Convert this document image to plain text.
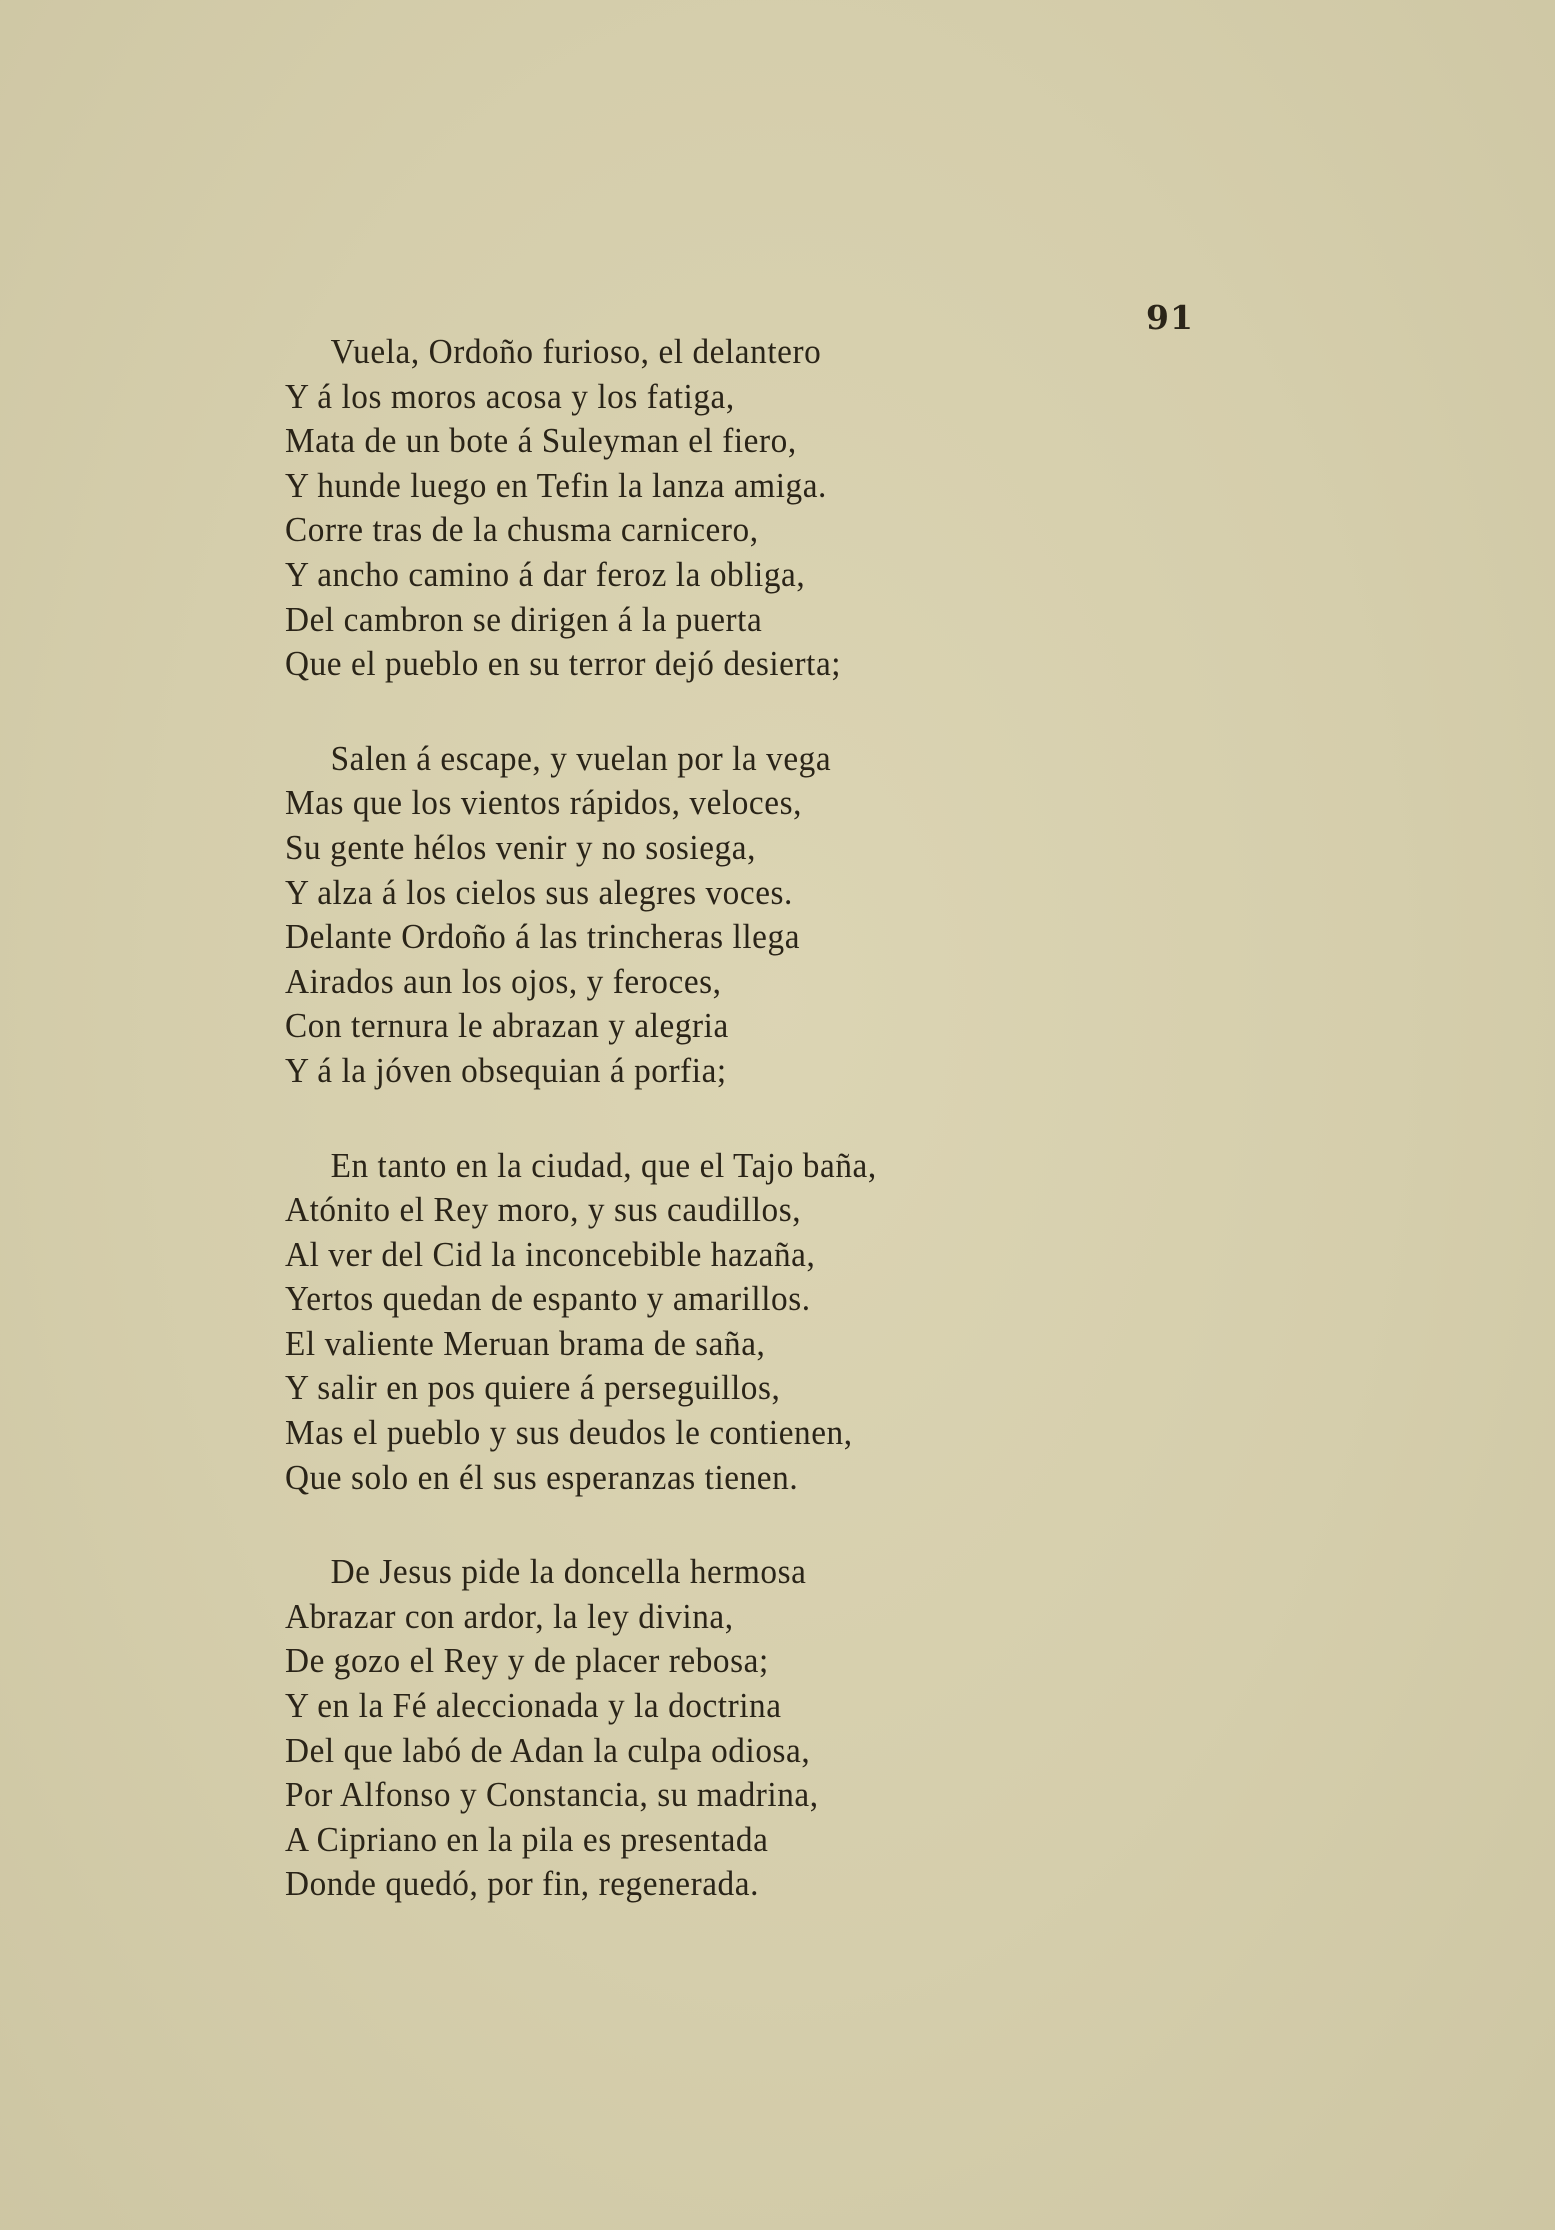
91
Vuela, Ordoño furioso, el delantero
Y á los moros acosa y los fatiga,
Mata de un bote á Suleyman el fiero,
Y hunde luego en Tefin la lanza amiga.
Corre tras de la chusma carnicero,
Y ancho camino á dar feroz la obliga,
Del cambron se dirigen á la puerta
Que el pueblo en su terror dejó desierta;
Salen á escape, y vuelan por la vega
Mas que los vientos rápidos, veloces,
Su gente hélos venir y no sosiega,
Y alza á los cielos sus alegres voces.
Delante Ordoño á las trincheras llega
Airados aun los ojos, y feroces,
Con ternura le abrazan y alegria
Y á la jóven obsequian á porfia;
En tanto en la ciudad, que el Tajo baña,
Atónito el Rey moro, y sus caudillos,
Al ver del Cid la inconcebible hazaña,
Yertos quedan de espanto y amarillos.
El valiente Meruan brama de saña,
Y salir en pos quiere á perseguillos,
Mas el pueblo y sus deudos le contienen,
Que solo en él sus esperanzas tienen.
De Jesus pide la doncella hermosa
Abrazar con ardor, la ley divina,
De gozo el Rey y de placer rebosa;
Y en la Fé aleccionada y la doctrina
Del que labó de Adan la culpa odiosa,
Por Alfonso y Constancia, su madrina,
A Cipriano en la pila es presentada
Donde quedó, por fin, regenerada.
